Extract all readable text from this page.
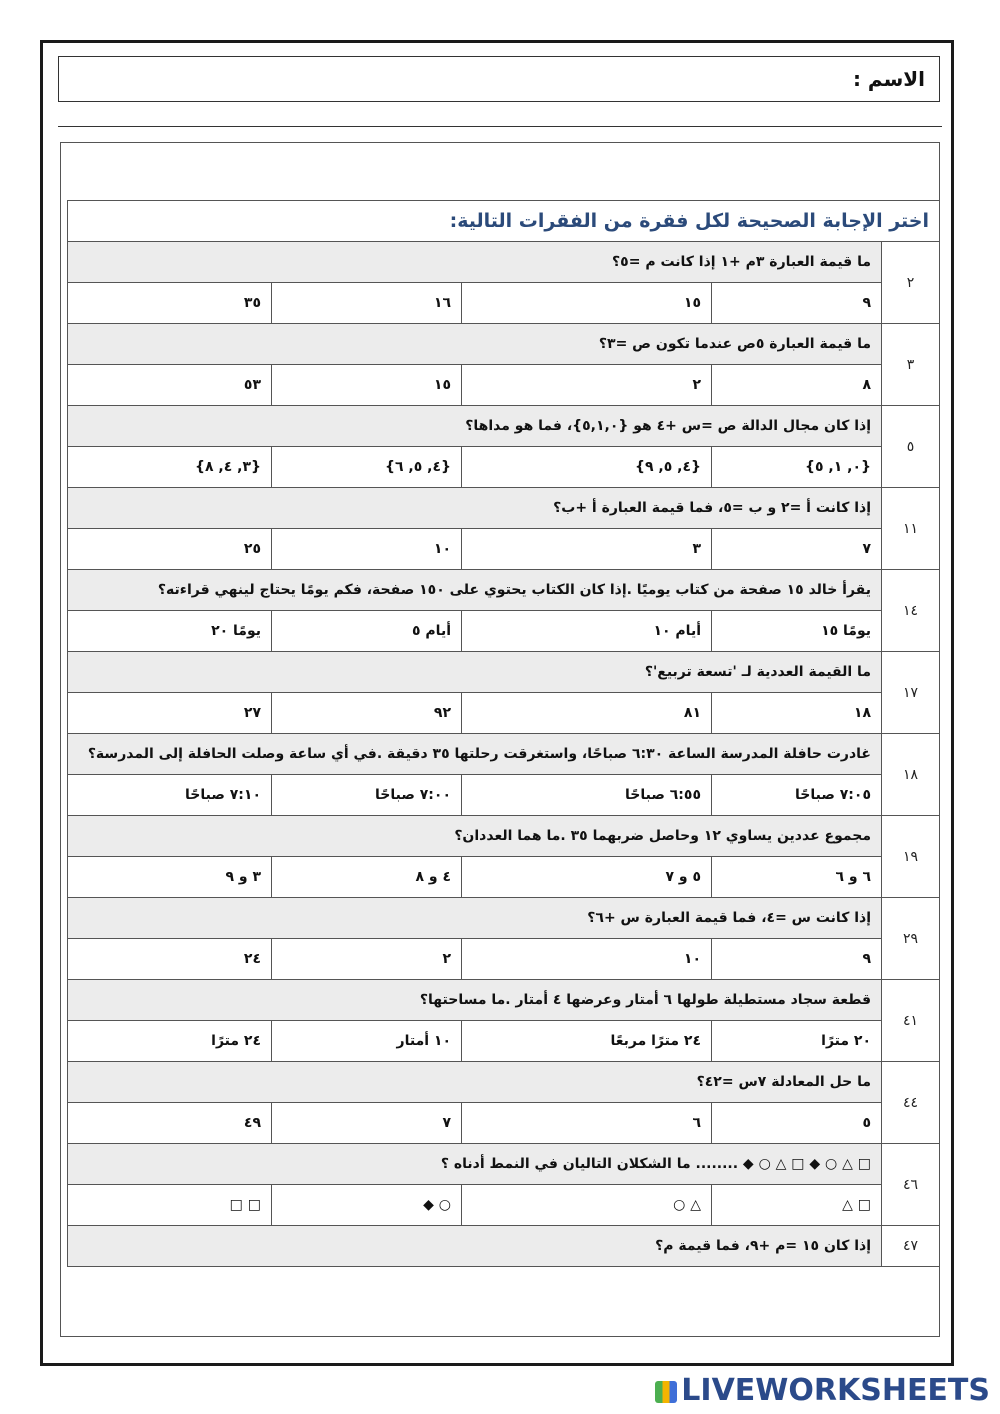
الاسم :
اختر الإجابة الصحيحة لكل فقرة من الفقرات التالية:				
٢	ما قيمة العبارة ٣م +١ إذا كانت م =٥؟			
	٩	١٥	١٦	٣٥
٣	ما قيمة العبارة ٥ص عندما تكون ص =٣؟			
	٨	٢	١٥	٥٣
٥	إذا كان مجال الدالة ص =س +٤ هو {٥,١,٠}، فما هو مداها؟			
	{٠, ١, ٥}	{٤, ٥, ٩}	{٤, ٥, ٦}	{٣, ٤, ٨}
١١	إذا كانت أ =٢ و ب =٥، فما قيمة العبارة أ +ب؟			
	٧	٣	١٠	٢٥
١٤	يقرأ خالد ١٥ صفحة من كتاب يوميًا .إذا كان الكتاب يحتوي على ١٥٠ صفحة، فكم يومًا يحتاج لينهي قراءته؟			
	يومًا ١٥	أيام ١٠	أيام ٥	يومًا ٢٠
١٧	ما القيمة العددية لـ 'تسعة تربيع'؟			
	١٨	٨١	٩٢	٢٧
١٨	غادرت حافلة المدرسة الساعة ٦:٣٠ صباحًا، واستغرقت رحلتها ٣٥ دقيقة .في أي ساعة وصلت الحافلة إلى المدرسة؟			
	٧:٠٥ صباحًا	٦:٥٥ صباحًا	٧:٠٠ صباحًا	٧:١٠ صباحًا
١٩	مجموع عددين يساوي ١٢ وحاصل ضربهما ٣٥ .ما هما العددان؟			
	٦ و ٦	٥ و ٧	٤ و ٨	٣ و ٩
٢٩	إذا كانت س =٤، فما قيمة العبارة س +٦؟			
	٩	١٠	٢	٢٤
٤١	قطعة سجاد مستطيلة طولها ٦ أمتار وعرضها ٤ أمتار .ما مساحتها؟			
	٢٠ مترًا	٢٤ مترًا مربعًا	١٠ أمتار	٢٤ مترًا
٤٤	ما حل المعادلة ٧س =٤٢؟			
	٥	٦	٧	٤٩
٤٦	□ △ ○ ◆ □ △ ○ ◆ ........ ما الشكلان التاليان في النمط أدناه ؟			
	□ △	△ ○	○ ◆	□ □
٤٧	إذا كان ١٥ =م +٩، فما قيمة م؟			
LIVEWORKSHEETS
